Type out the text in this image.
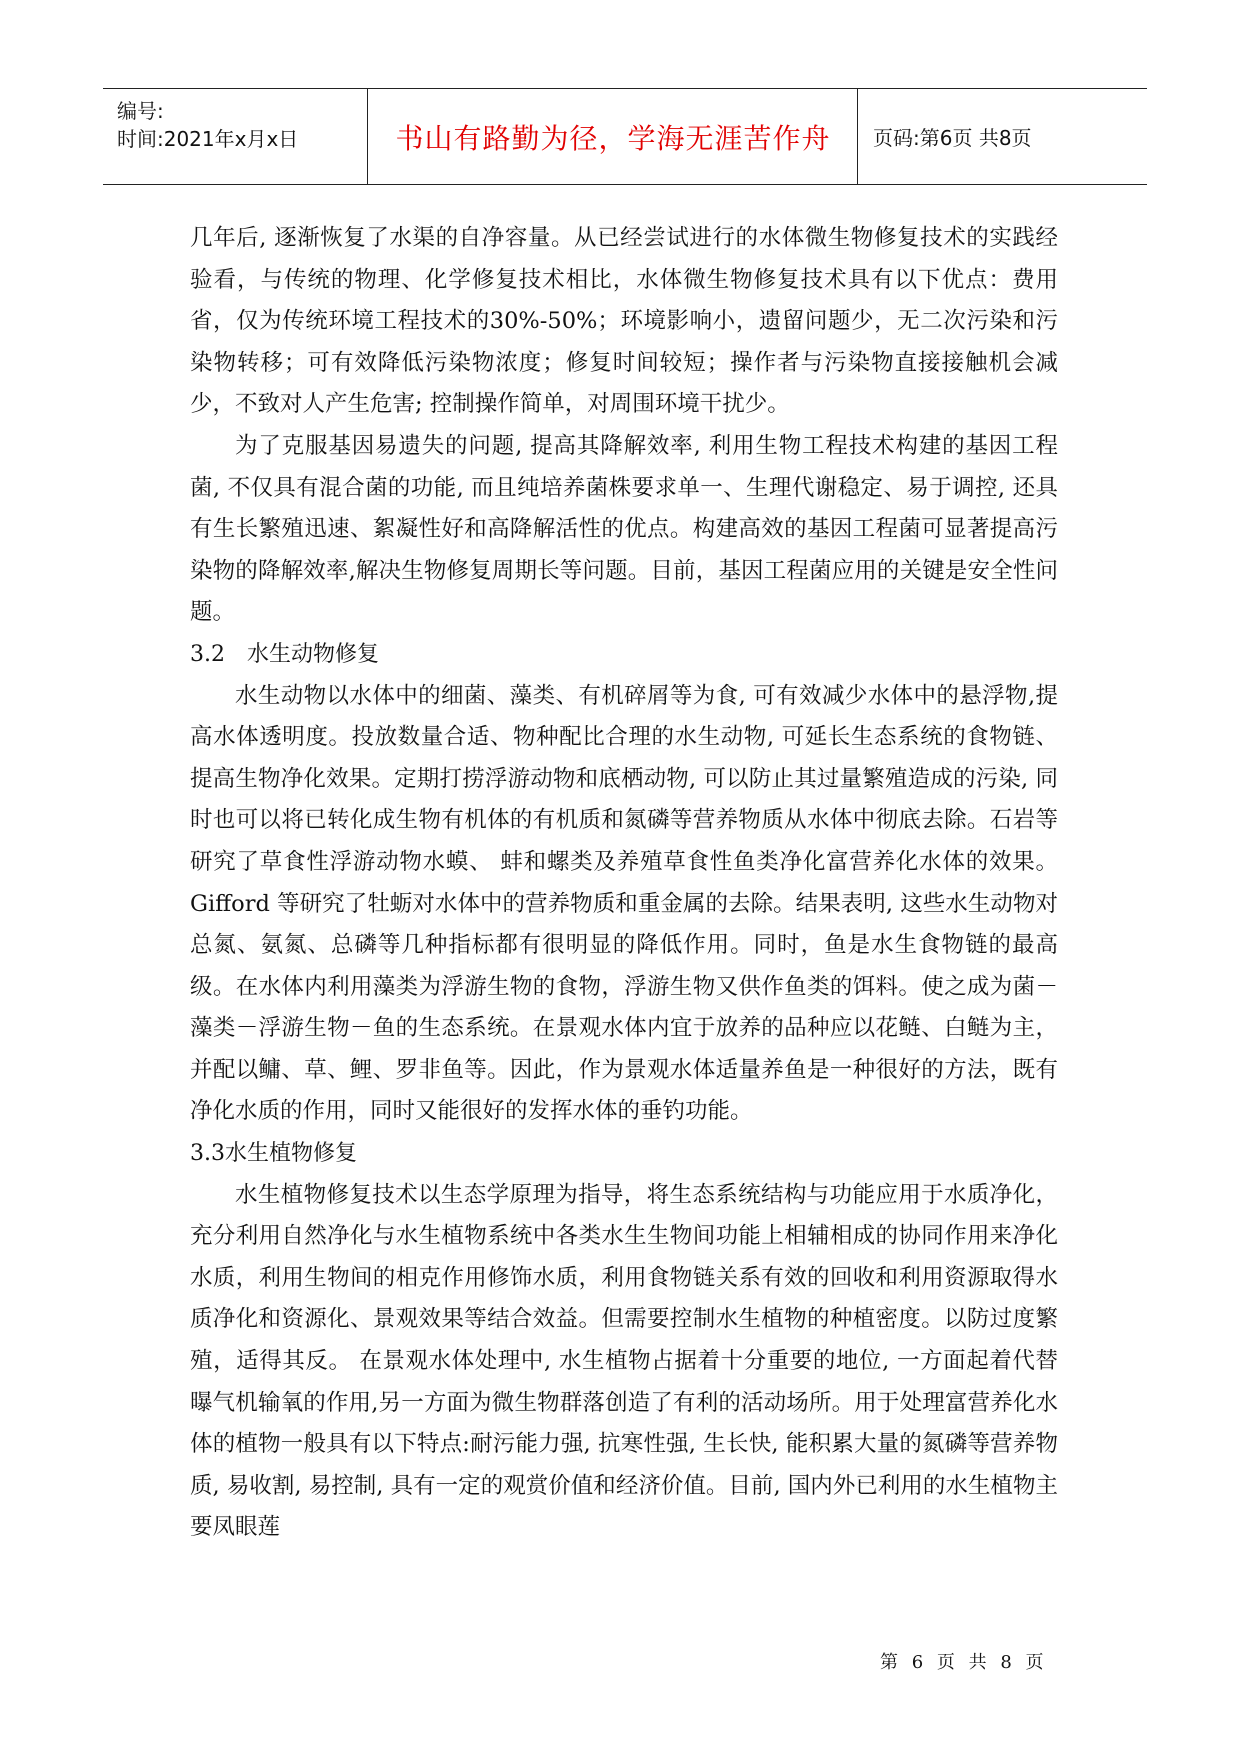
编号:
时间:2021年x月x日	书山有路勤为径，学海无涯苦作舟	页码:第6页 共8页

几年后, 逐渐恢复了水渠的自净容量。从已经尝试进行的水体微生物修复技术的实践经验看，与传统的物理、化学修复技术相比，水体微生物修复技术具有以下优点：费用省，仅为传统环境工程技术的30%-50%；环境影响小，遗留问题少，无二次污染和污染物转移；可有效降低污染物浓度；修复时间较短；操作者与污染物直接接触机会减少，不致对人产生危害; 控制操作简单，对周围环境干扰少。

为了克服基因易遗失的问题, 提高其降解效率, 利用生物工程技术构建的基因工程菌, 不仅具有混合菌的功能, 而且纯培养菌株要求单一、生理代谢稳定、易于调控, 还具有生长繁殖迅速、絮凝性好和高降解活性的优点。构建高效的基因工程菌可显著提高污染物的降解效率,解决生物修复周期长等问题。目前，基因工程菌应用的关键是安全性问题。

3.2　水生动物修复

水生动物以水体中的细菌、藻类、有机碎屑等为食, 可有效减少水体中的悬浮物,提高水体透明度。投放数量合适、物种配比合理的水生动物, 可延长生态系统的食物链、提高生物净化效果。定期打捞浮游动物和底栖动物, 可以防止其过量繁殖造成的污染, 同时也可以将已转化成生物有机体的有机质和氮磷等营养物质从水体中彻底去除。石岩等研究了草食性浮游动物水蟆、 蚌和螺类及养殖草食性鱼类净化富营养化水体的效果。Gifford 等研究了牡蛎对水体中的营养物质和重金属的去除。结果表明, 这些水生动物对总氮、氨氮、总磷等几种指标都有很明显的降低作用。同时，鱼是水生食物链的最高级。在水体内利用藻类为浮游生物的食物，浮游生物又供作鱼类的饵料。使之成为菌－藻类－浮游生物－鱼的生态系统。在景观水体内宜于放养的品种应以花鲢、白鲢为主，并配以鳙、草、鲤、罗非鱼等。因此，作为景观水体适量养鱼是一种很好的方法，既有净化水质的作用，同时又能很好的发挥水体的垂钓功能。

3.3水生植物修复

水生植物修复技术以生态学原理为指导，将生态系统结构与功能应用于水质净化，充分利用自然净化与水生植物系统中各类水生生物间功能上相辅相成的协同作用来净化水质，利用生物间的相克作用修饰水质，利用食物链关系有效的回收和利用资源取得水质净化和资源化、景观效果等结合效益。但需要控制水生植物的种植密度。以防过度繁殖，适得其反。 在景观水体处理中, 水生植物占据着十分重要的地位, 一方面起着代替曝气机输氧的作用,另一方面为微生物群落创造了有利的活动场所。用于处理富营养化水体的植物一般具有以下特点:耐污能力强, 抗寒性强, 生长快, 能积累大量的氮磷等营养物质, 易收割, 易控制, 具有一定的观赏价值和经济价值。目前, 国内外已利用的水生植物主要凤眼莲

第 6 页 共 8 页
